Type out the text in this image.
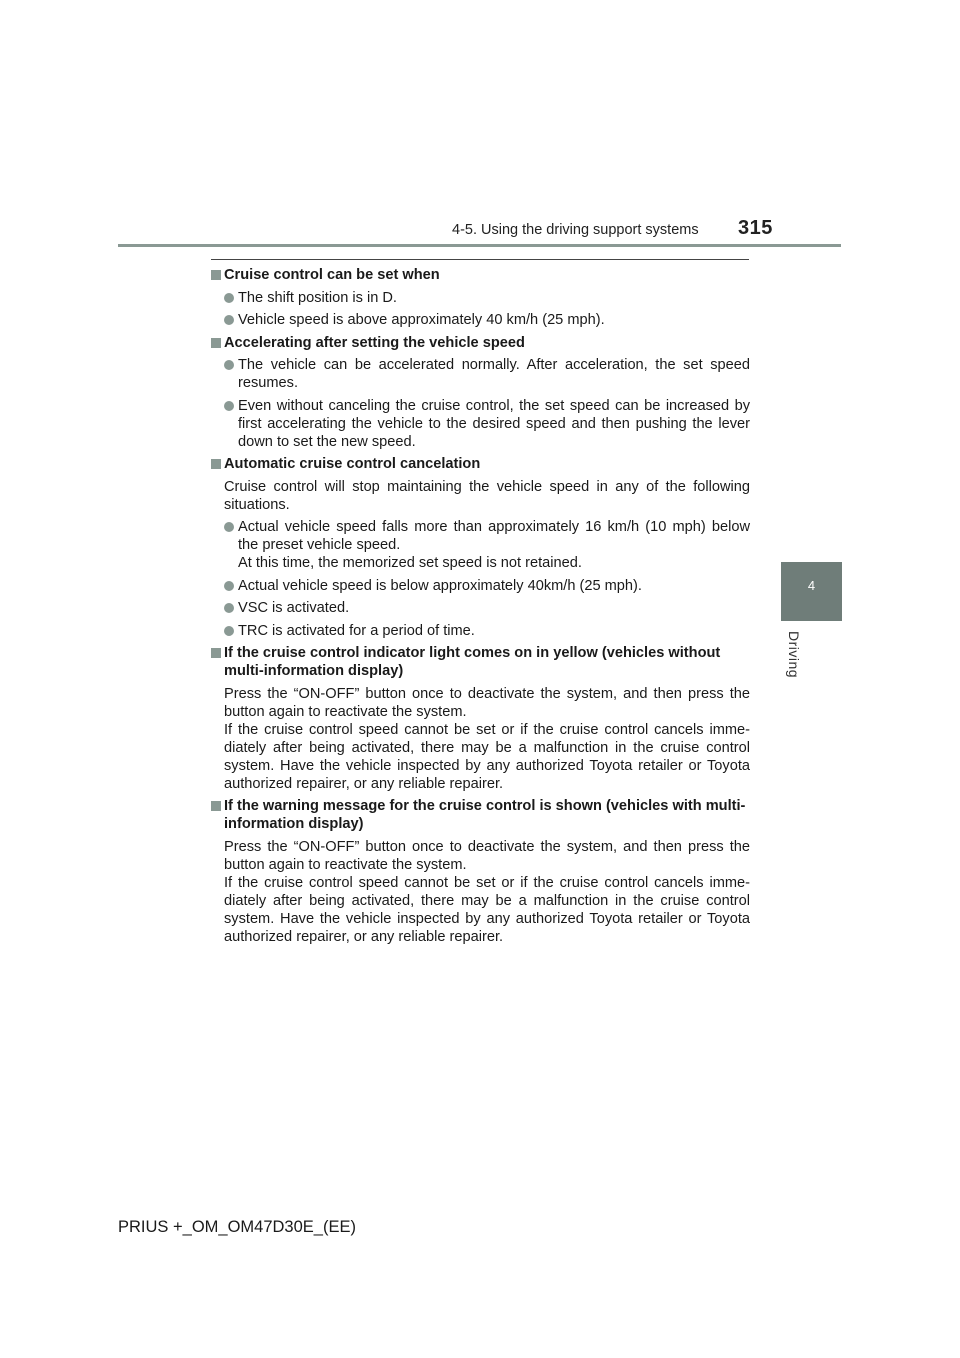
4-5. Using the driving support systems 315
4
Driving
Cruise control can be set when
The shift position is in D.
Vehicle speed is above approximately 40 km/h (25 mph).
Accelerating after setting the vehicle speed
The vehicle can be accelerated normally. After acceleration, the set speed resumes.
Even without canceling the cruise control, the set speed can be increased by first accelerating the vehicle to the desired speed and then pushing the lever down to set the new speed.
Automatic cruise control cancelation
Cruise control will stop maintaining the vehicle speed in any of the following situations.
Actual vehicle speed falls more than approximately 16 km/h (10 mph) below the preset vehicle speed.
At this time, the memorized set speed is not retained.
Actual vehicle speed is below approximately 40km/h (25 mph).
VSC is activated.
TRC is activated for a period of time.
If the cruise control indicator light comes on in yellow (vehicles without multi-information display)
Press the “ON-OFF” button once to deactivate the system, and then press the button again to reactivate the system.
If the cruise control speed cannot be set or if the cruise control cancels imme-diately after being activated, there may be a malfunction in the cruise control system. Have the vehicle inspected by any authorized Toyota retailer or Toyota authorized repairer, or any reliable repairer.
If the warning message for the cruise control is shown (vehicles with multi-information display)
Press the “ON-OFF” button once to deactivate the system, and then press the button again to reactivate the system.
If the cruise control speed cannot be set or if the cruise control cancels imme-diately after being activated, there may be a malfunction in the cruise control system. Have the vehicle inspected by any authorized Toyota retailer or Toyota authorized repairer, or any reliable repairer.
PRIUS +_OM_OM47D30E_(EE)
